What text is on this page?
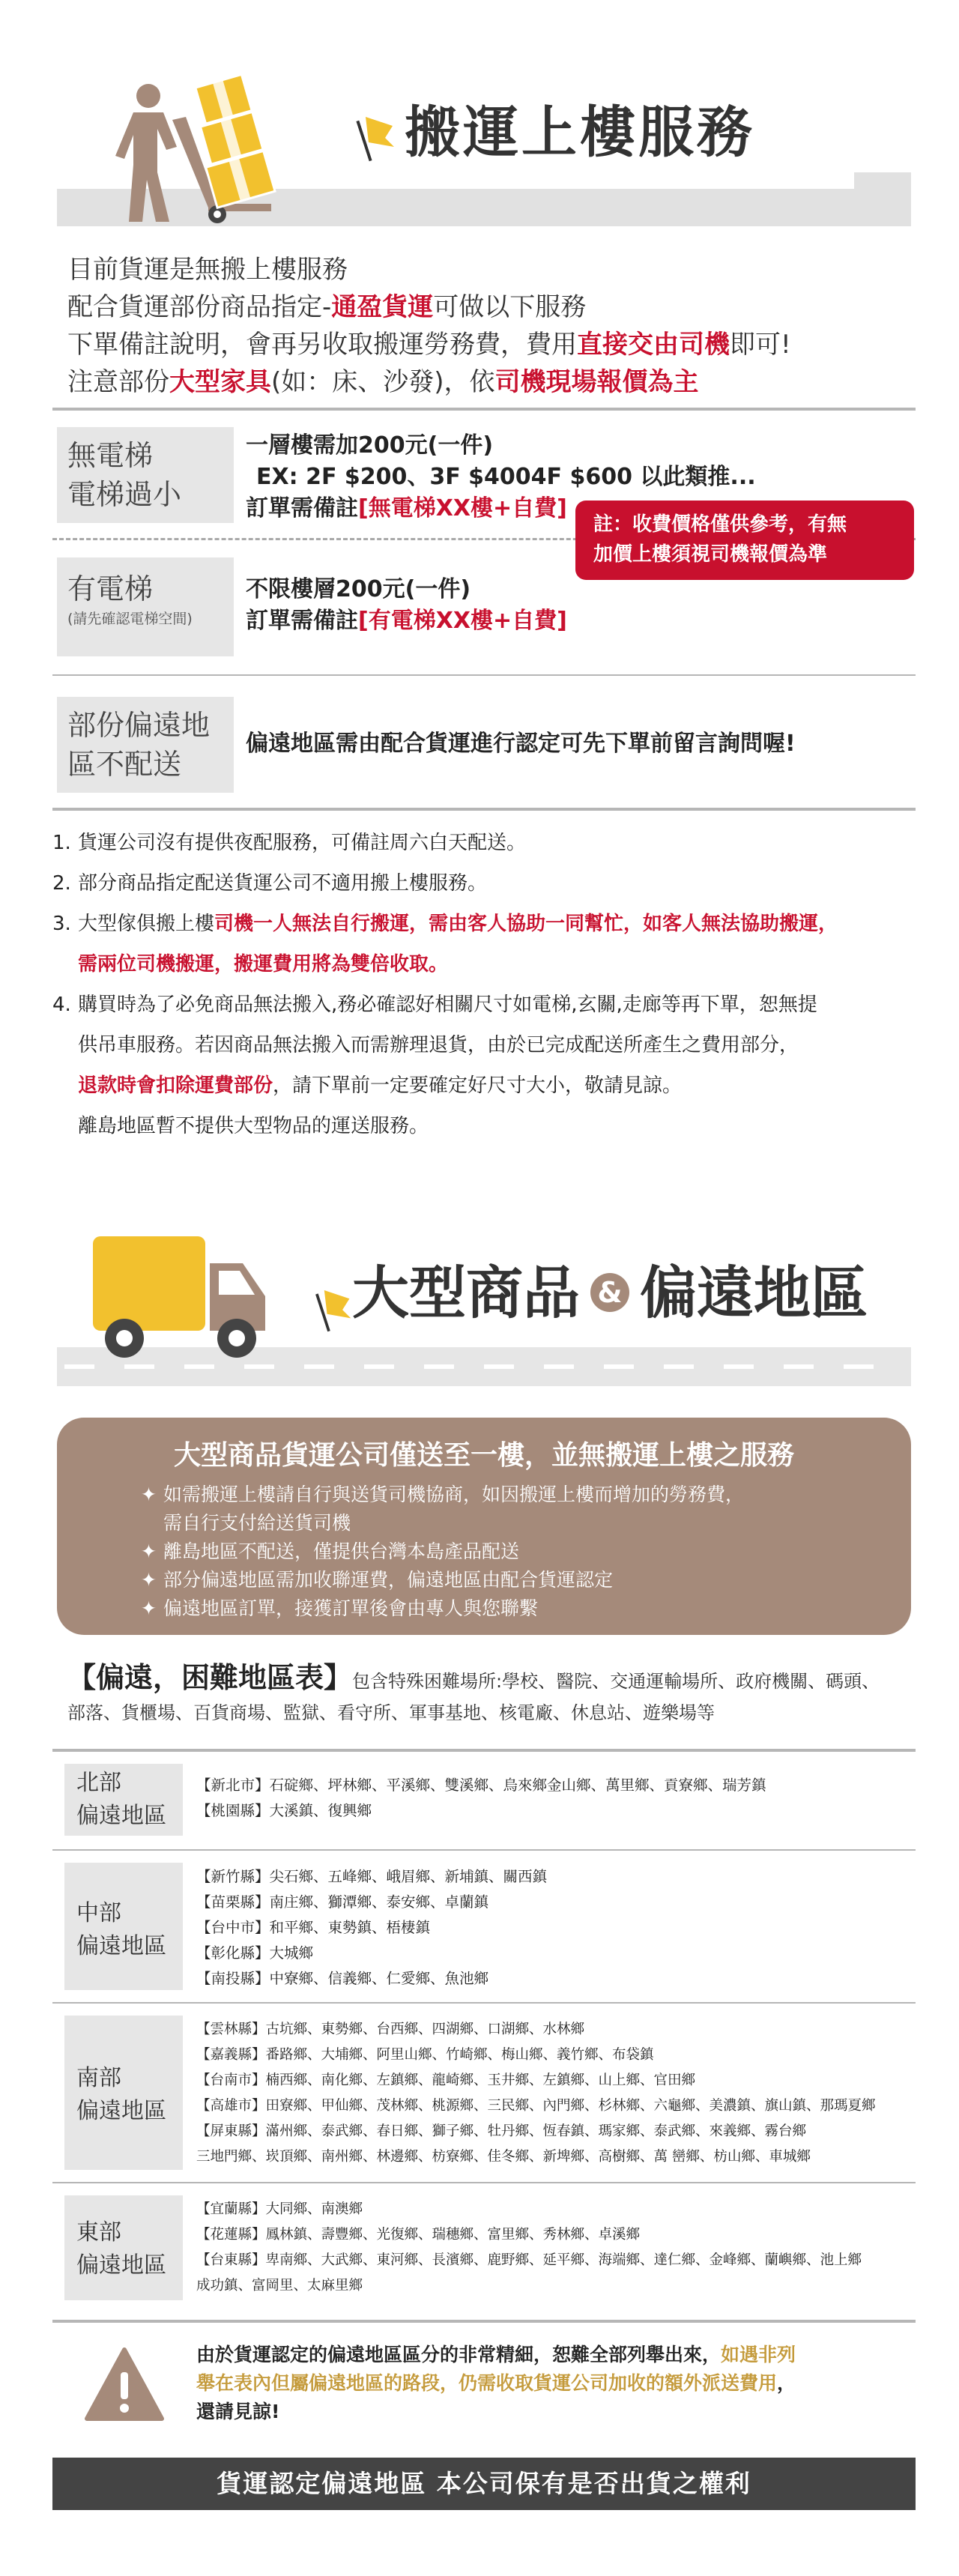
搬運上樓服務

目前貨運是無搬上樓服務

配合貨運部份商品指定-通盈貨運可做以下服務

下單備註說明，會再另收取搬運勞務費，費用直接交由司機即可!

注意部份大型家具(如：床、沙發)，依司機現場報價為主

無電梯
電梯過小
一層樓需加200元(一件)
EX: 2F $200、3F $4004F $600 以此類推...
訂單需備註[無電梯XX樓+自費]
註：收費價格僅供參考，有無
加價上樓須視司機報價為準
有電梯
(請先確認電梯空間)
不限樓層200元(一件)
訂單需備註[有電梯XX樓+自費]
部份偏遠地
區不配送
偏遠地區需由配合貨運進行認定可先下單前留言詢問喔!
1. 貨運公司沒有提供夜配服務，可備註周六白天配送。
2. 部分商品指定配送貨運公司不適用搬上樓服務。
3. 大型傢俱搬上樓司機一人無法自行搬運，需由客人協助一同幫忙，如客人無法協助搬運，
需兩位司機搬運，搬運費用將為雙倍收取。
4. 購買時為了必免商品無法搬入,務必確認好相關尺寸如電梯,玄關,走廊等再下單，恕無提
供吊車服務。若因商品無法搬入而需辦理退貨，由於已完成配送所產生之費用部分，
退款時會扣除運費部份，請下單前一定要確定好尺寸大小，敬請見諒。
離島地區暫不提供大型物品的運送服務。
大型商品 & 偏遠地區
大型商品貨運公司僅送至一樓，並無搬運上樓之服務
✦ 如需搬運上樓請自行與送貨司機協商，如因搬運上樓而增加的勞務費，
需自行支付給送貨司機
✦ 離島地區不配送，僅提供台灣本島產品配送
✦ 部分偏遠地區需加收聯運費，偏遠地區由配合貨運認定
✦ 偏遠地區訂單，接獲訂單後會由專人與您聯繫
【偏遠，困難地區表】包含特殊困難場所:學校、醫院、交通運輸場所、政府機關、碼頭、
部落、貨櫃場、百貨商場、監獄、看守所、軍事基地、核電廠、休息站、遊樂場等
北部
偏遠地區
【新北市】石碇鄉、坪林鄉、平溪鄉、雙溪鄉、烏來鄉金山鄉、萬里鄉、貢寮鄉、瑞芳鎮
【桃園縣】大溪鎮、復興鄉
中部
偏遠地區
【新竹縣】尖石鄉、五峰鄉、峨眉鄉、新埔鎮、關西鎮
【苗栗縣】南庄鄉、獅潭鄉、泰安鄉、卓蘭鎮
【台中市】和平鄉、東勢鎮、梧棲鎮
【彰化縣】大城鄉
【南投縣】中寮鄉、信義鄉、仁愛鄉、魚池鄉
南部
偏遠地區
【雲林縣】古坑鄉、東勢鄉、台西鄉、四湖鄉、口湖鄉、水林鄉
【嘉義縣】番路鄉、大埔鄉、阿里山鄉、竹崎鄉、梅山鄉、義竹鄉、布袋鎮
【台南市】楠西鄉、南化鄉、左鎮鄉、龍崎鄉、玉井鄉、左鎮鄉、山上鄉、官田鄉
【高雄市】田寮鄉、甲仙鄉、茂林鄉、桃源鄉、三民鄉、內門鄉、杉林鄉、六龜鄉、美濃鎮、旗山鎮、那瑪夏鄉
【屏東縣】滿州鄉、泰武鄉、春日鄉、獅子鄉、牡丹鄉、恆春鎮、瑪家鄉、泰武鄉、來義鄉、霧台鄉
三地門鄉、崁頂鄉、南州鄉、林邊鄉、枋寮鄉、佳冬鄉、新埤鄉、高樹鄉、萬 巒鄉、枋山鄉、車城鄉
東部
偏遠地區
【宜蘭縣】大同鄉、南澳鄉
【花蓮縣】鳳林鎮、壽豐鄉、光復鄉、瑞穗鄉、富里鄉、秀林鄉、卓溪鄉
【台東縣】卑南鄉、大武鄉、東河鄉、長濱鄉、鹿野鄉、延平鄉、海端鄉、達仁鄉、金峰鄉、蘭嶼鄉、池上鄉
成功鎮、富岡里、太麻里鄉
由於貨運認定的偏遠地區區分的非常精細，恕難全部列舉出來，如遇非列
舉在表內但屬偏遠地區的路段，仍需收取貨運公司加收的額外派送費用，
還請見諒!
貨運認定偏遠地區 本公司保有是否出貨之權利
